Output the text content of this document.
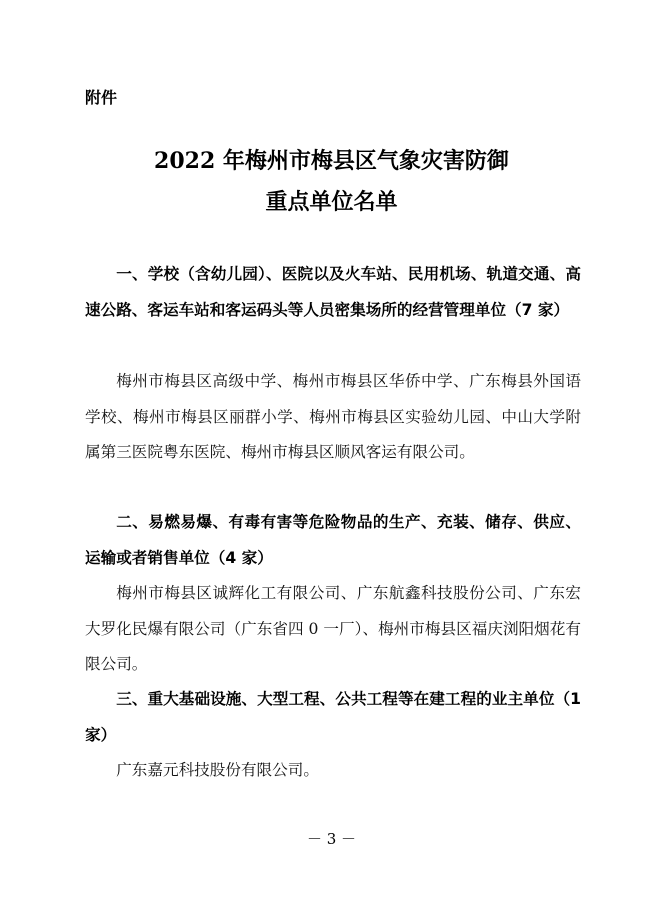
附件
2022 年梅州市梅县区气象灾害防御
重点单位名单

一、学校（含幼儿园）、医院以及火车站、民用机场、轨道交通、高速公路、客运车站和客运码头等人员密集场所的经营管理单位（7 家）

梅州市梅县区高级中学、梅州市梅县区华侨中学、广东梅县外国语学校、梅州市梅县区丽群小学、梅州市梅县区实验幼儿园、中山大学附属第三医院粤东医院、梅州市梅县区顺风客运有限公司。

二、易燃易爆、有毒有害等危险物品的生产、充装、储存、供应、运输或者销售单位（4 家）

梅州市梅县区诚辉化工有限公司、广东航鑫科技股份公司、广东宏大罗化民爆有限公司（广东省四 0 一厂）、梅州市梅县区福庆浏阳烟花有限公司。

三、重大基础设施、大型工程、公共工程等在建工程的业主单位（1 家）

广东嘉元科技股份有限公司。

－ 3 －
